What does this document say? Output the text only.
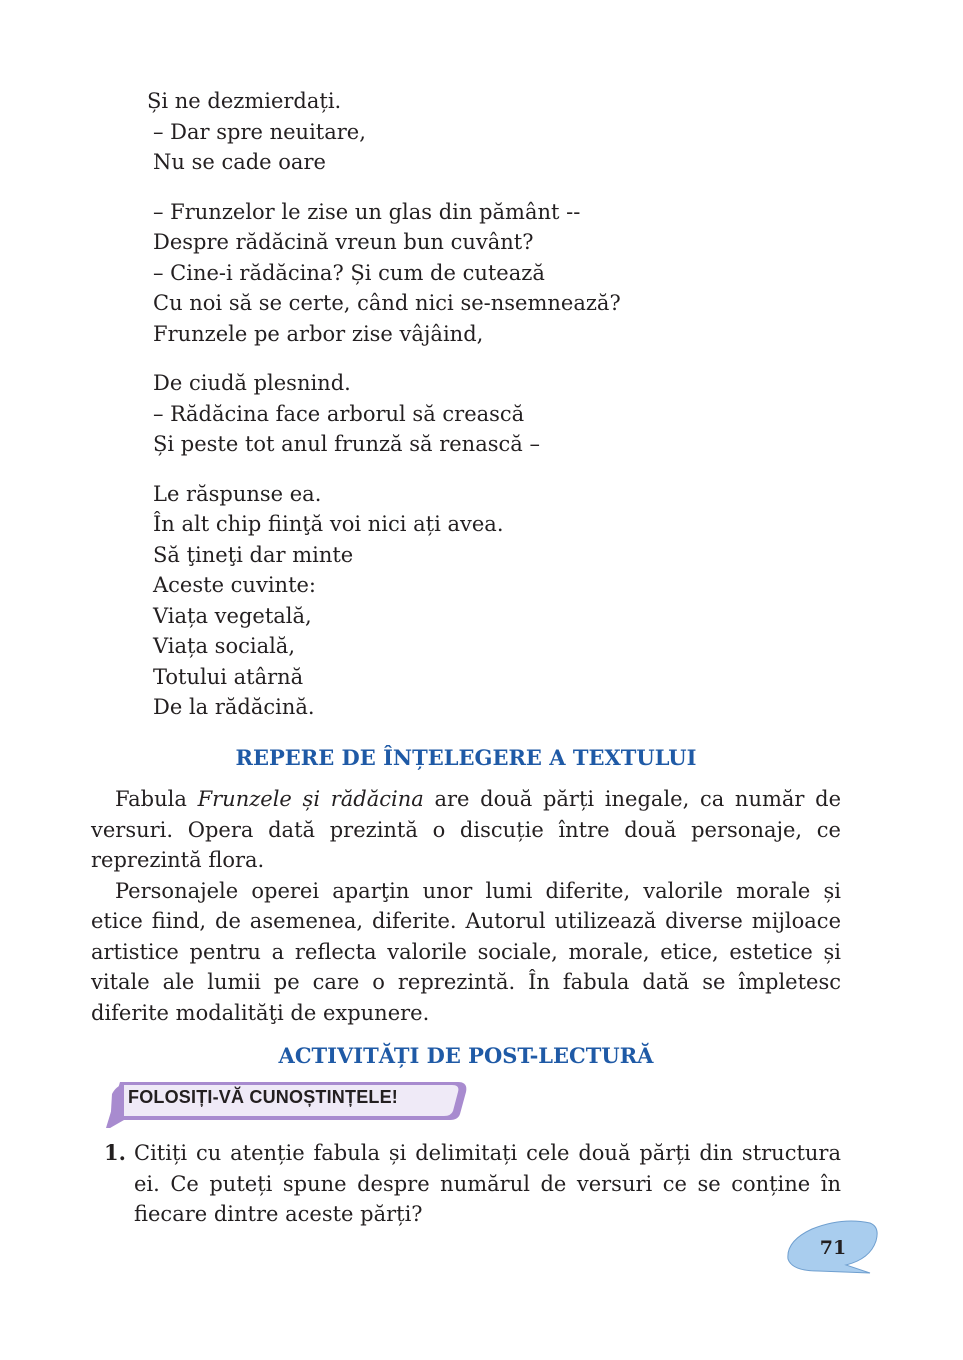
Și ne dezmierdați.
– Dar spre neuitare,
Nu se cade oare
– Frunzelor le zise un glas din pământ --
Despre rădăcină vreun bun cuvânt?
– Cine-i rădăcina? Și cum de cutează
Cu noi să se certe, când nici se-nsemnează?
Frunzele pe arbor zise vâjâind,
De ciudă plesnind.
– Rădăcina face arborul să crească
Și peste tot anul frunză să renască –
Le răspunse ea.
În alt chip fiinţă voi nici ați avea.
Să ţineţi dar minte
Aceste cuvinte:
Viața vegetală,
Viața socială,
Totului atârnă
De la rădăcină.
REPERE DE ÎNȚELEGERE A TEXTULUI

Fabula Frunzele și rădăcina are două părți inegale, ca număr de versuri. Opera dată prezintă o discuție între două personaje, ce reprezintă flora.

Personajele operei aparţin unor lumi diferite, valorile morale și etice fiind, de asemenea, diferite. Autorul utilizează diverse mijloace artistice pentru a reflecta valorile sociale, morale, etice, estetice și vitale ale lumii pe care o reprezintă. În fabula dată se împletesc diferite modalităţi de expunere.

ACTIVITĂȚI DE POST-LECTURĂ
FOLOSIȚI-VĂ CUNOȘTINȚELE!
1. Citiți cu atenție fabula și delimitați cele două părți din structura ei. Ce puteți spune despre numărul de versuri ce se conține în fiecare dintre aceste părți?
71
